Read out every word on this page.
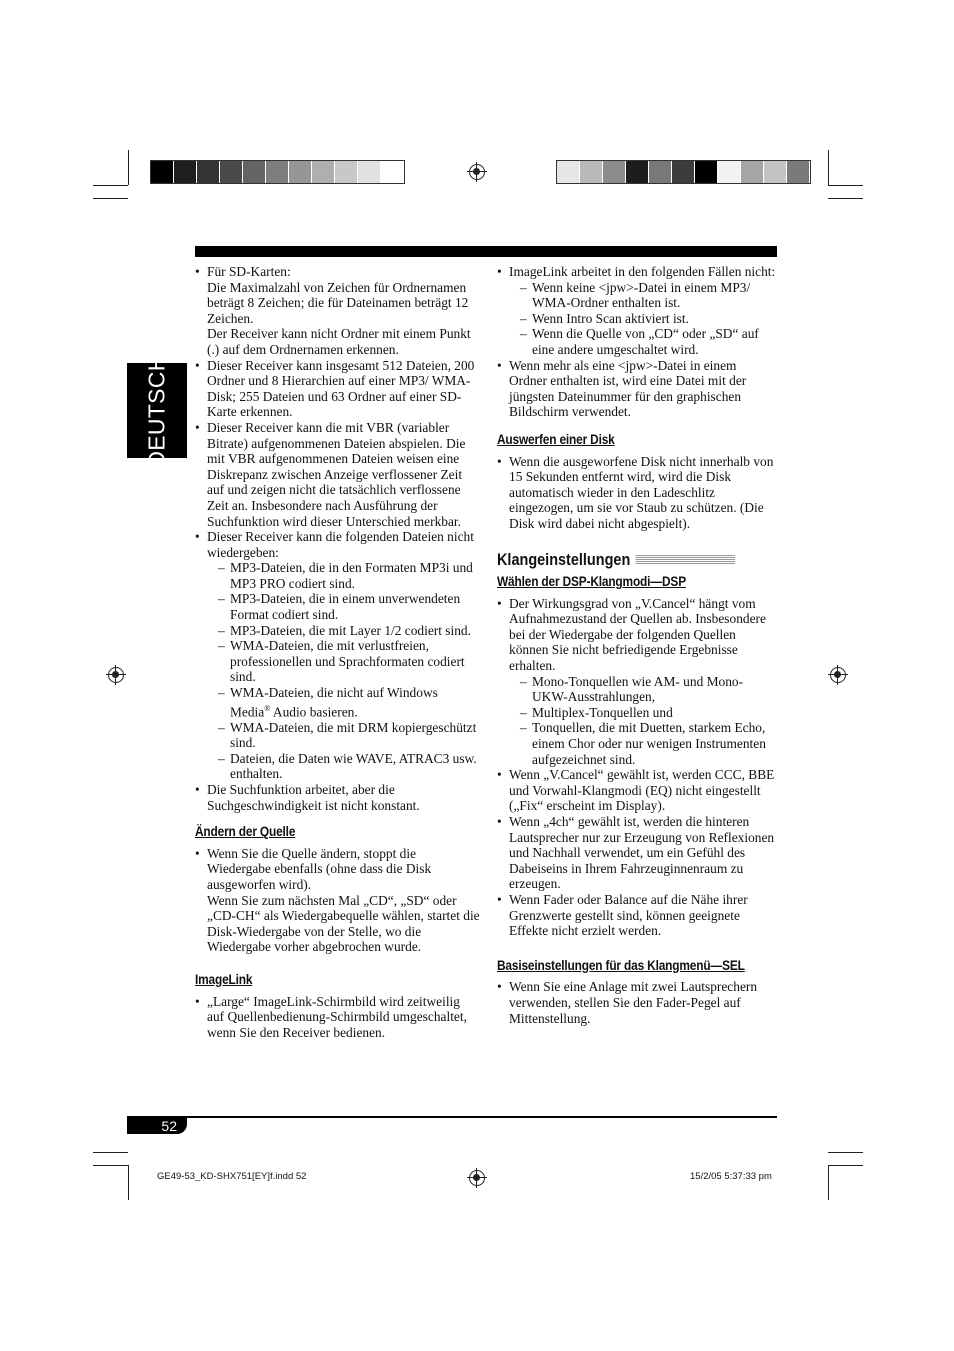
DEUTSCH
• Für SD-Karten:
Die Maximalzahl von Zeichen für Ordnernamen beträgt 8 Zeichen; die für Dateinamen beträgt 12 Zeichen.
Der Receiver kann nicht Ordner mit einem Punkt (.) auf dem Ordnernamen erkennen.
• Dieser Receiver kann insgesamt 512 Dateien, 200 Ordner und 8 Hierarchien auf einer MP3/ WMA-Disk; 255 Dateien und 63 Ordner auf einer SD-Karte erkennen.
• Dieser Receiver kann die mit VBR (variabler Bitrate) aufgenommenen Dateien abspielen. Die mit VBR aufgenommenen Dateien weisen eine Diskrepanz zwischen Anzeige verflossener Zeit auf und zeigen nicht die tatsächlich verflossene Zeit an. Insbesondere nach Ausführung der Suchfunktion wird dieser Unterschied merkbar.
• Dieser Receiver kann die folgenden Dateien nicht wiedergeben:
– MP3-Dateien, die in den Formaten MP3i und MP3 PRO codiert sind.
– MP3-Dateien, die in einem unverwendeten Format codiert sind.
– MP3-Dateien, die mit Layer 1/2 codiert sind.
– WMA-Dateien, die mit verlustfreien, professionellen und Sprachformaten codiert sind.
– WMA-Dateien, die nicht auf Windows Media® Audio basieren.
– WMA-Dateien, die mit DRM kopiergeschützt sind.
– Dateien, die Daten wie WAVE, ATRAC3 usw. enthalten.
• Die Suchfunktion arbeitet, aber die Suchgeschwindigkeit ist nicht konstant.
Ändern der Quelle
• Wenn Sie die Quelle ändern, stoppt die Wiedergabe ebenfalls (ohne dass die Disk ausgeworfen wird).
Wenn Sie zum nächsten Mal „CD“, „SD“ oder „CD-CH“ als Wiedergabequelle wählen, startet die Disk-Wiedergabe von der Stelle, wo die Wiedergabe vorher abgebrochen wurde.
ImageLink
• „Large“ ImageLink-Schirmbild wird zeitweilig auf Quellenbedienung-Schirmbild umgeschaltet, wenn Sie den Receiver bedienen.
• ImageLink arbeitet in den folgenden Fällen nicht:
– Wenn keine <jpw>-Datei in einem MP3/ WMA-Ordner enthalten ist.
– Wenn Intro Scan aktiviert ist.
– Wenn die Quelle von „CD“ oder „SD“ auf eine andere umgeschaltet wird.
• Wenn mehr als eine <jpw>-Datei in einem Ordner enthalten ist, wird eine Datei mit der jüngsten Dateinummer für den graphischen Bildschirm verwendet.
Auswerfen einer Disk
• Wenn die ausgeworfene Disk nicht innerhalb von 15 Sekunden entfernt wird, wird die Disk automatisch wieder in den Ladeschlitz eingezogen, um sie vor Staub zu schützen. (Die Disk wird dabei nicht abgespielt).
Klangeinstellungen
Wählen der DSP-Klangmodi—DSP
• Der Wirkungsgrad von „V.Cancel“ hängt vom Aufnahmezustand der Quellen ab. Insbesondere bei der Wiedergabe der folgenden Quellen können Sie nicht befriedigende Ergebnisse erhalten.
– Mono-Tonquellen wie AM- und Mono-UKW-Ausstrahlungen,
– Multiplex-Tonquellen und
– Tonquellen, die mit Duetten, starkem Echo, einem Chor oder nur wenigen Instrumenten aufgezeichnet sind.
• Wenn „V.Cancel“ gewählt ist, werden CCC, BBE und Vorwahl-Klangmodi (EQ) nicht eingestellt („Fix“ erscheint im Display).
• Wenn „4ch“ gewählt ist, werden die hinteren Lautsprecher nur zur Erzeugung von Reflexionen und Nachhall verwendet, um ein Gefühl des Dabeiseins in Ihrem Fahrzeuginnenraum zu erzeugen.
• Wenn Fader oder Balance auf die Nähe ihrer Grenzwerte gestellt sind, können geeignete Effekte nicht erzielt werden.
Basiseinstellungen für das Klangmenü—SEL
• Wenn Sie eine Anlage mit zwei Lautsprechern verwenden, stellen Sie den Fader-Pegel auf Mittenstellung.
52
GE49-53_KD-SHX751[EY]f.indd 52	15/2/05 5:37:33 pm
